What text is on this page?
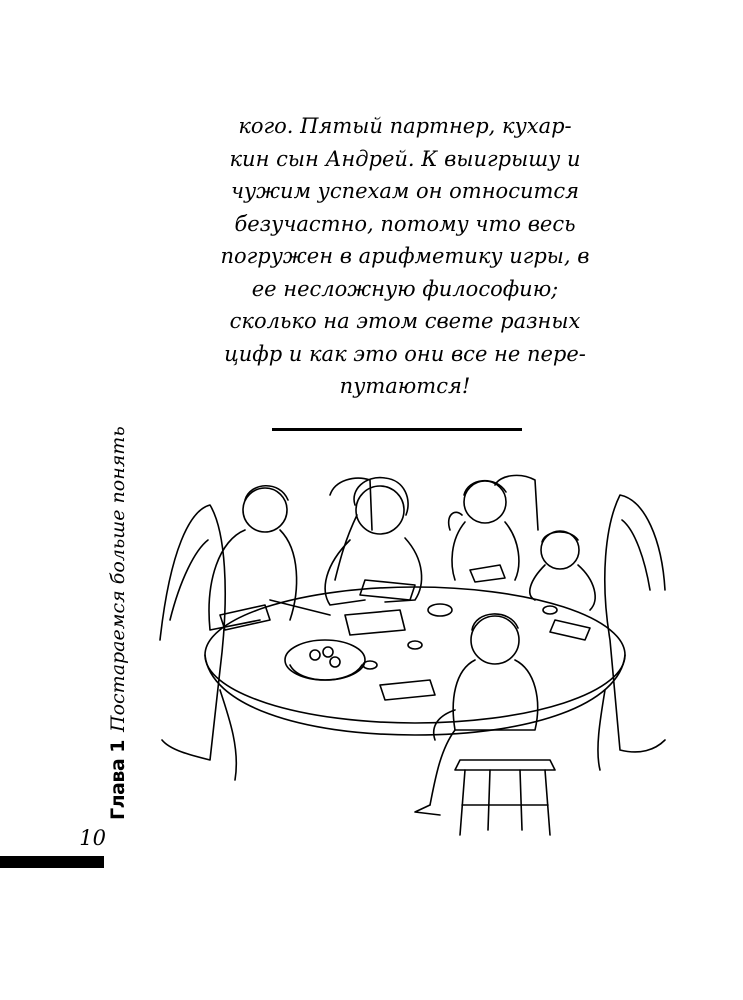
кого. Пятый партнер, кухар-
кин сын Андрей. К выигрышу и
чужим успехам он относится
безучастно, потому что весь
погружен в арифметику игры, в
ее несложную философию;
сколько на этом свете разных
цифр и как это они все не пере-
путаются!
Глава 1Постараемся больше понять
10
